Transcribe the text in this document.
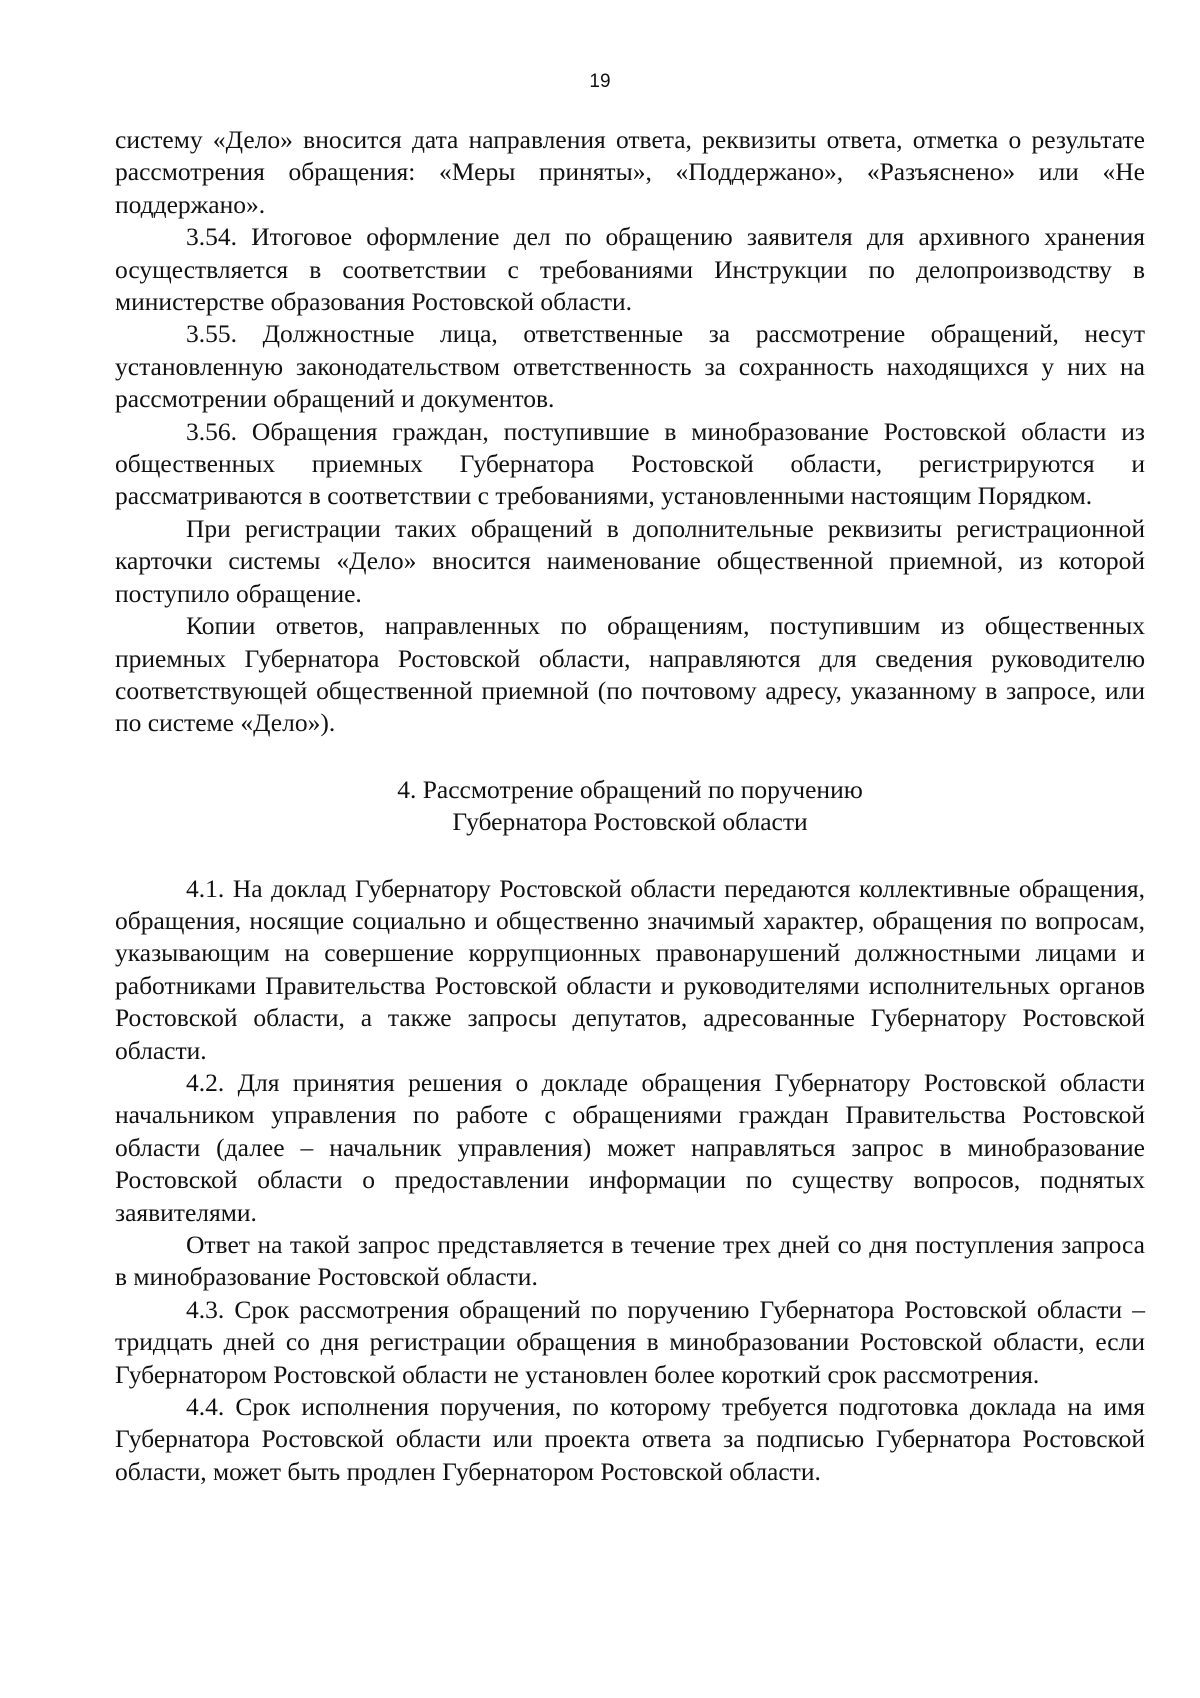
19

систему «Дело» вносится дата направления ответа, реквизиты ответа, отметка о результате рассмотрения обращения: «Меры приняты», «Поддержано», «Разъяснено» или «Не поддержано».

3.54. Итоговое оформление дел по обращению заявителя для архивного хранения осуществляется в соответствии с требованиями Инструкции по делопроизводству в министерстве образования Ростовской области.

3.55. Должностные лица, ответственные за рассмотрение обращений, несут установленную законодательством ответственность за сохранность находящихся у них на рассмотрении обращений и документов.

3.56. Обращения граждан, поступившие в минобразование Ростовской области из общественных приемных Губернатора Ростовской области, регистрируются и рассматриваются в соответствии с требованиями, установленными настоящим Порядком.

При регистрации таких обращений в дополнительные реквизиты регистрационной карточки системы «Дело» вносится наименование общественной приемной, из которой поступило обращение.

Копии ответов, направленных по обращениям, поступившим из общественных приемных Губернатора Ростовской области, направляются для сведения руководителю соответствующей общественной приемной (по почтовому адресу, указанному в запросе, или по системе «Дело»).

4. Рассмотрение обращений по поручению
Губернатора Ростовской области

4.1. На доклад Губернатору Ростовской области передаются коллективные обращения, обращения, носящие социально и общественно значимый характер, обращения по вопросам, указывающим на совершение коррупционных правонарушений должностными лицами и работниками Правительства Ростовской области и руководителями исполнительных органов Ростовской области, а также запросы депутатов, адресованные Губернатору Ростовской области.

4.2. Для принятия решения о докладе обращения Губернатору Ростовской области начальником управления по работе с обращениями граждан Правительства Ростовской области (далее – начальник управления) может направляться запрос в минобразование Ростовской области о предоставлении информации по существу вопросов, поднятых заявителями.

Ответ на такой запрос представляется в течение трех дней со дня поступления запроса в минобразование Ростовской области.

4.3. Срок рассмотрения обращений по поручению Губернатора Ростовской области – тридцать дней со дня регистрации обращения в минобразовании Ростовской области, если Губернатором Ростовской области не установлен более короткий срок рассмотрения.

4.4. Срок исполнения поручения, по которому требуется подготовка доклада на имя Губернатора Ростовской области или проекта ответа за подписью Губернатора Ростовской области, может быть продлен Губернатором Ростовской области.
